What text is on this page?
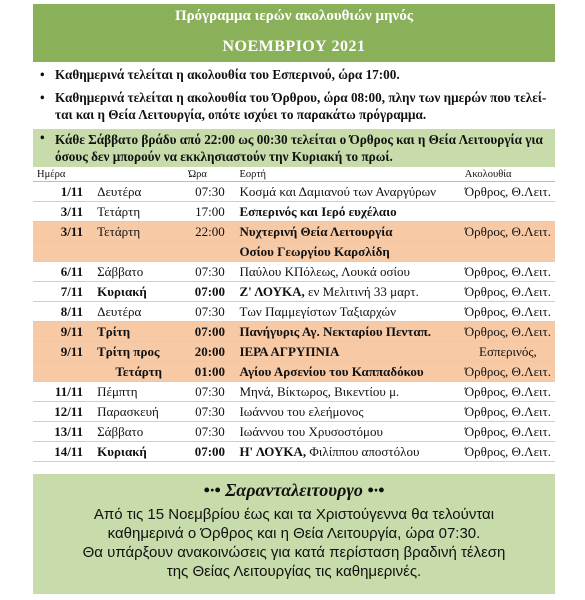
Πρόγραμμα ιερών ακολουθιών μηνός
ΝΟΕΜΒΡΙΟΥ 2021
• Καθημερινά τελείται η ακολουθία του Εσπερινού, ώρα 17:00.
• Καθημερινά τελείται η ακολουθία του Όρθρου, ώρα 08:00, πλην των ημερών που τελεί-ται και η Θεία Λειτουργία, οπότε ισχύει το παρακάτω πρόγραμμα.
• Κάθε Σάββατο βράδυ από 22:00 ως 00:30 τελείται ο Όρθρος και η Θεία Λειτουργία για όσους δεν μπορούν να εκκλησιαστούν την Κυριακή το πρωί.
Ημέρα		Ώρα	Εορτή	Ακολουθία
1/11	Δευτέρα	07:30	Κοσμά και Δαμιανού των Αναργύρων	Όρθρος, Θ.Λειτ.
3/11	Τετάρτη	17:00	Εσπερινός και Ιερό ευχέλαιο	
3/11	Τετάρτη	22:00	Νυχτερινή Θεία Λειτουργία	Όρθρος, Θ.Λειτ.
			Οσίου Γεωργίου Καρσλίδη	
6/11	Σάββατο	07:30	Παύλου ΚΠόλεως, Λουκά οσίου	Όρθρος, Θ.Λειτ.
7/11	Κυριακή	07:00	Ζ' ΛΟΥΚΑ, εν Μελιτινή 33 μαρτ.	Όρθρος, Θ.Λειτ.
8/11	Δευτέρα	07:30	Των Παμμεγίστων Ταξιαρχών	Όρθρος, Θ.Λειτ.
9/11	Τρίτη	07:00	Πανήγυρις Αγ. Νεκταρίου Πενταπ.	Όρθρος, Θ.Λειτ.
9/11	Τρίτη προς	20:00	ΙΕΡΑ ΑΓΡΥΠΝΙΑ	Εσπερινός,
	Τετάρτη	01:00	Αγίου Αρσενίου του Καππαδόκου	Όρθρος, Θ.Λειτ.
11/11	Πέμπτη	07:30	Μηνά, Βίκτωρος, Βικεντίου μ.	Όρθρος, Θ.Λειτ.
12/11	Παρασκευή	07:30	Ιωάννου του ελεήμονος	Όρθρος, Θ.Λειτ.
13/11	Σάββατο	07:30	Ιωάννου του Χρυσοστόμου	Όρθρος, Θ.Λειτ.
14/11	Κυριακή	07:00	Η' ΛΟΥΚΑ, Φιλίππου αποστόλου	Όρθρος, Θ.Λειτ.
•·• Σαρανταλειτουργο •·•
Από τις 15 Νοεμβρίου έως και τα Χριστούγεννα θα τελούνται
καθημερινά ο Όρθρος και η Θεία Λειτουργία, ώρα 07:30.
Θα υπάρξουν ανακοινώσεις για κατά περίσταση βραδινή τέλεση
της Θείας Λειτουργίας τις καθημερινές.
